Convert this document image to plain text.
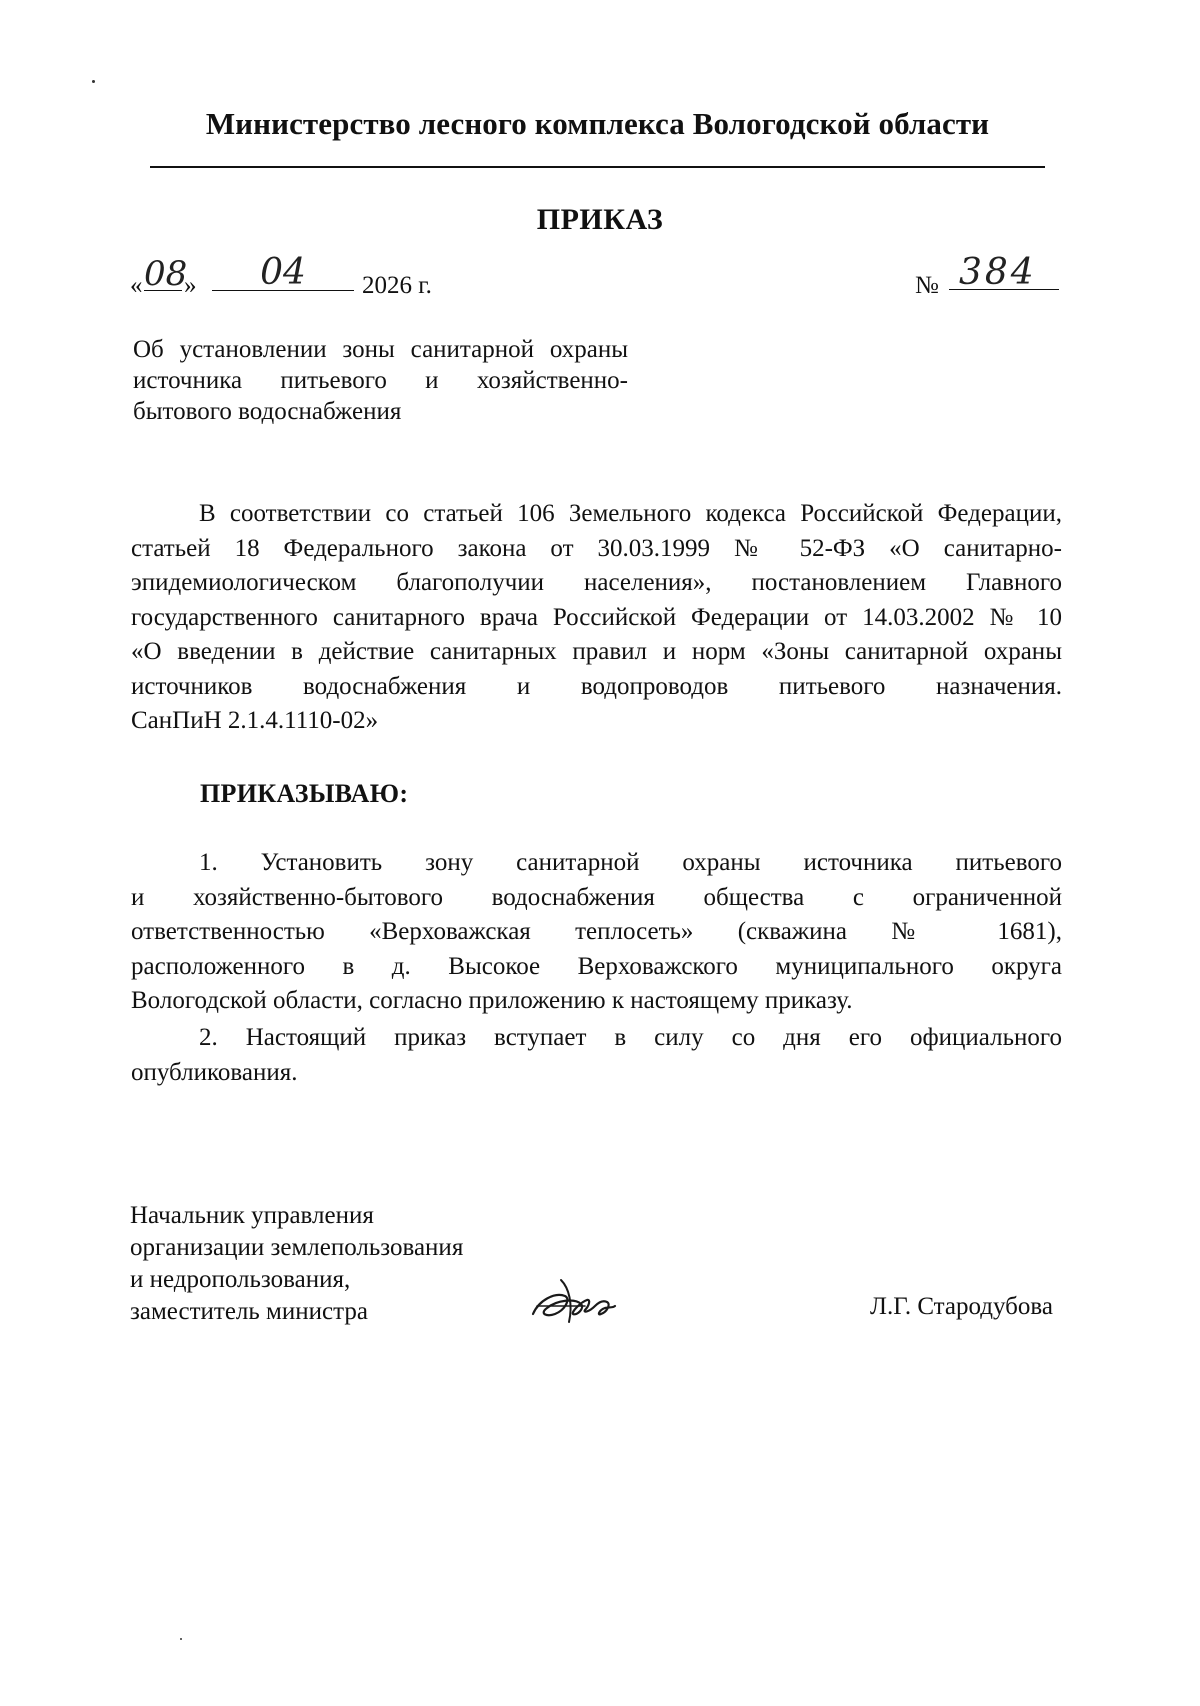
Министерство лесного комплекса Вологодской области
ПРИКАЗ
« 08
»	04	2026 г.	№ 384
Об установлении зоны санитарной охраны
источника питьевого и хозяйственно-
бытового водоснабжения
В соответствии со статьей 106 Земельного кодекса Российской Федерации,
статьей 18 Федерального закона от 30.03.1999 № 52-ФЗ «О санитарно-
эпидемиологическом благополучии населения», постановлением Главного
государственного санитарного врача Российской Федерации от 14.03.2002 № 10
«О введении в действие санитарных правил и норм «Зоны санитарной охраны
источников водоснабжения и водопроводов питьевого назначения.
СанПиН 2.1.4.1110-02»
ПРИКАЗЫВАЮ:
1. Установить зону санитарной охраны источника питьевого
и хозяйственно-бытового водоснабжения общества с ограниченной
ответственностью «Верховажская теплосеть» (скважина № 1681),
расположенного в д. Высокое Верховажского муниципального округа
Вологодской области, согласно приложению к настоящему приказу.
2. Настоящий приказ вступает в силу со дня его официального
опубликования.
Начальник управления
организации землепользования
и недропользования,
заместитель министра	Л.Г. Стародубова
